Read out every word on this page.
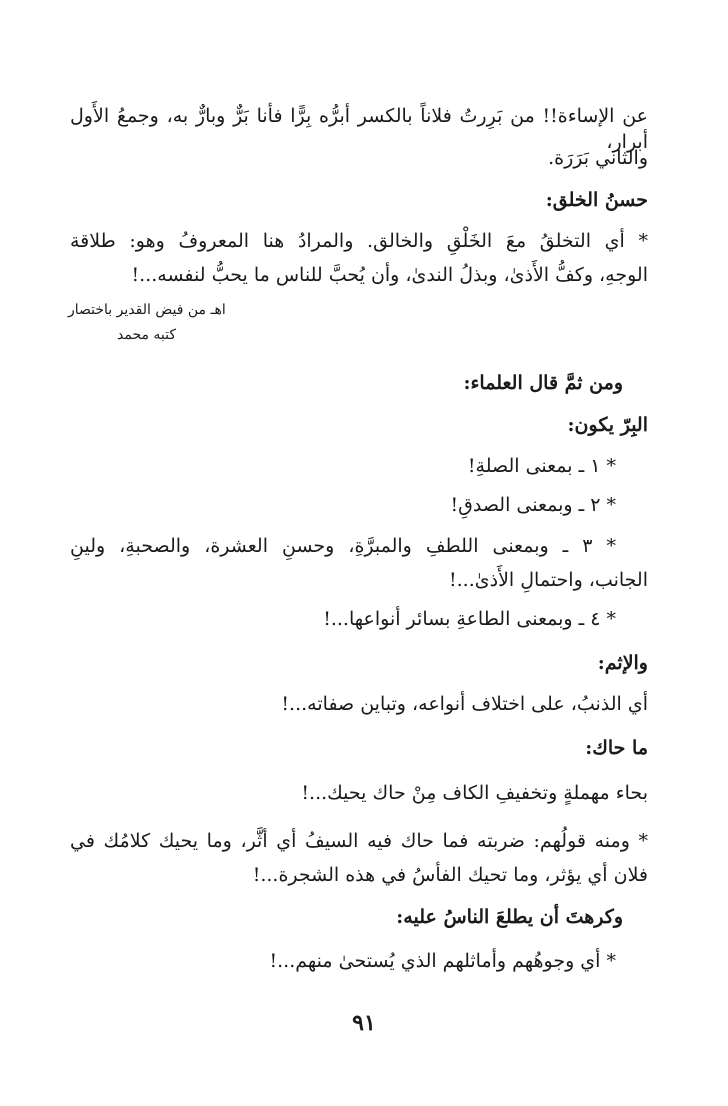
عن الإساءة!! من بَرِرتُ فلاناً بالكسر أبرُّه بِرًّا فأنا بَرٌّ وبارٌّ به، وجمعُ الأَول أبرار،
والثاني بَرَرَة.
حسنُ الخلق:
* أي التخلقُ معَ الخَلْقِ والخالق. والمرادُ هنا المعروفُ وهو: طلاقة
الوجهِ، وكفُّ الأَذىٰ، وبذلُ الندىٰ، وأن يُحبَّ للناس ما يحبُّ لنفسه...!
اهـ من فيض القدير باختصار
كتبه محمد
ومن ثمَّ قال العلماء:
البِرّ يكون:
* ١ ـ بمعنى الصلةِ!
* ٢ ـ وبمعنى الصدقِ!
* ٣ ـ وبمعنى اللطفِ والمبرَّةِ، وحسنِ العشرة، والصحبةِ، ولينِ
الجانب، واحتمالِ الأَذىٰ...!
* ٤ ـ وبمعنى الطاعةِ بسائر أنواعها...!
والإثم:
أي الذنبُ، على اختلاف أنواعه، وتباين صفاته...!
ما حاك:
بحاء مهملةٍ وتخفيفِ الكاف مِنْ حاك يحيك...!
* ومنه قولُهم: ضربته فما حاك فيه السيفُ أي أثَّر، وما يحيك كلامُك في
فلان أي يؤثر، وما تحيك الفأسُ في هذه الشجرة...!
وكرهتَ أن يطلعَ الناسُ عليه:
* أي وجوهُهم وأماثلهم الذي يُستحىٰ منهم...!
٩١
